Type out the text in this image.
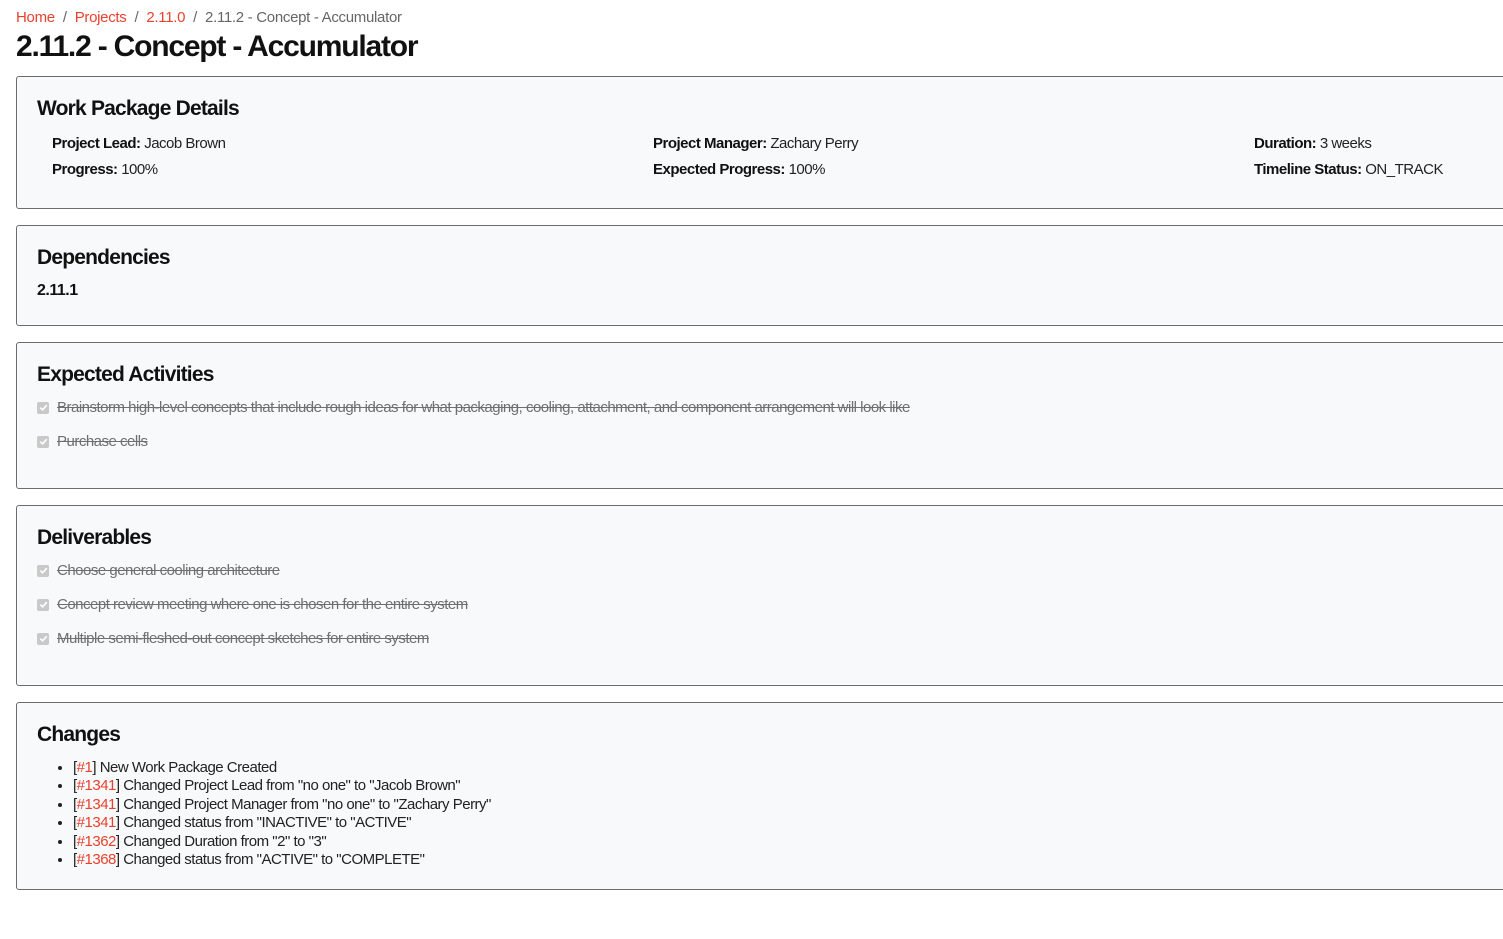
Home / Projects / 2.11.0 / 2.11.2 - Concept - Accumulator
2.11.2 - Concept - Accumulator
Work Package Details
Project Lead: Jacob Brown	Project Manager: Zachary Perry	Duration: 3 weeks
Progress: 100%	Expected Progress: 100%	Timeline Status: ON_TRACK
Dependencies
2.11.1
Expected Activities
Brainstorm high-level concepts that include rough ideas for what packaging, cooling, attachment, and component arrangement will look like
Purchase cells
Deliverables
Choose general cooling architecture
Concept review meeting where one is chosen for the entire system
Multiple semi-fleshed-out concept sketches for entire system
Changes
• [#1] New Work Package Created
• [#1341] Changed Project Lead from "no one" to "Jacob Brown"
• [#1341] Changed Project Manager from "no one" to "Zachary Perry"
• [#1341] Changed status from "INACTIVE" to "ACTIVE"
• [#1362] Changed Duration from "2" to "3"
• [#1368] Changed status from "ACTIVE" to "COMPLETE"
